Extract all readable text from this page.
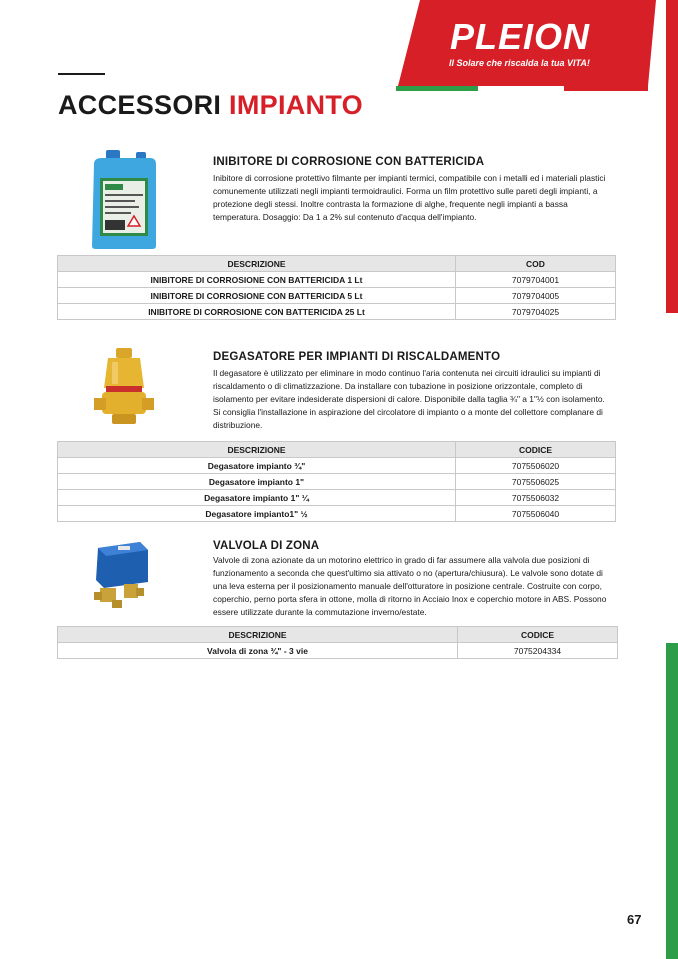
PLEION
Il Solare che riscalda la tua VITA!
ACCESSORI IMPIANTO
INIBITORE DI CORROSIONE CON BATTERICIDA
Inibitore di corrosione protettivo filmante per impianti termici, compatibile con i metalli ed i materiali plastici comunemente utilizzati negli impianti termoidraulici. Forma un film protettivo sulle pareti degli impianti, a protezione degli stessi. Inoltre contrasta la formazione di alghe, frequente negli impianti a bassa temperatura. Dosaggio: Da 1 a 2% sul contenuto d'acqua dell'impianto.
DESCRIZIONE	COD
INIBITORE DI CORROSIONE CON BATTERICIDA 1 Lt	7079704001
INIBITORE DI CORROSIONE CON BATTERICIDA 5 Lt	7079704005
INIBITORE DI CORROSIONE CON BATTERICIDA 25 Lt	7079704025
DEGASATORE PER IMPIANTI DI RISCALDAMENTO
Il degasatore è utilizzato per eliminare in modo continuo l'aria contenuta nei circuiti idraulici su impianti di riscaldamento o di climatizzazione. Da installare con tubazione in posizione orizzontale, completo di isolamento per evitare indesiderate dispersioni di calore. Disponibile dalla taglia ¾" a 1"½ con isolamento. Si consiglia l'installazione in aspirazione del circolatore di impianto o a monte del collettore complanare di distribuzione.
DESCRIZIONE	CODICE
Degasatore impianto ¾"	7075506020
Degasatore impianto 1"	7075506025
Degasatore impianto 1" ¼	7075506032
Degasatore impianto1" ½	7075506040
VALVOLA DI ZONA
Valvole di zona azionate da un motorino elettrico in grado di far assumere alla valvola due posizioni di funzionamento a seconda che quest'ultimo sia attivato o no (apertura/chiusura). Le valvole sono dotate di una leva esterna per il posizionamento manuale dell'otturatore in posizione centrale. Costruite con corpo, coperchio, perno porta sfera in ottone, molla di ritorno in Acciaio Inox e coperchio motore in ABS. Possono essere utilizzate durante la commutazione inverno/estate.
DESCRIZIONE	CODICE
Valvola di zona ¾" - 3 vie	7075204334
67
